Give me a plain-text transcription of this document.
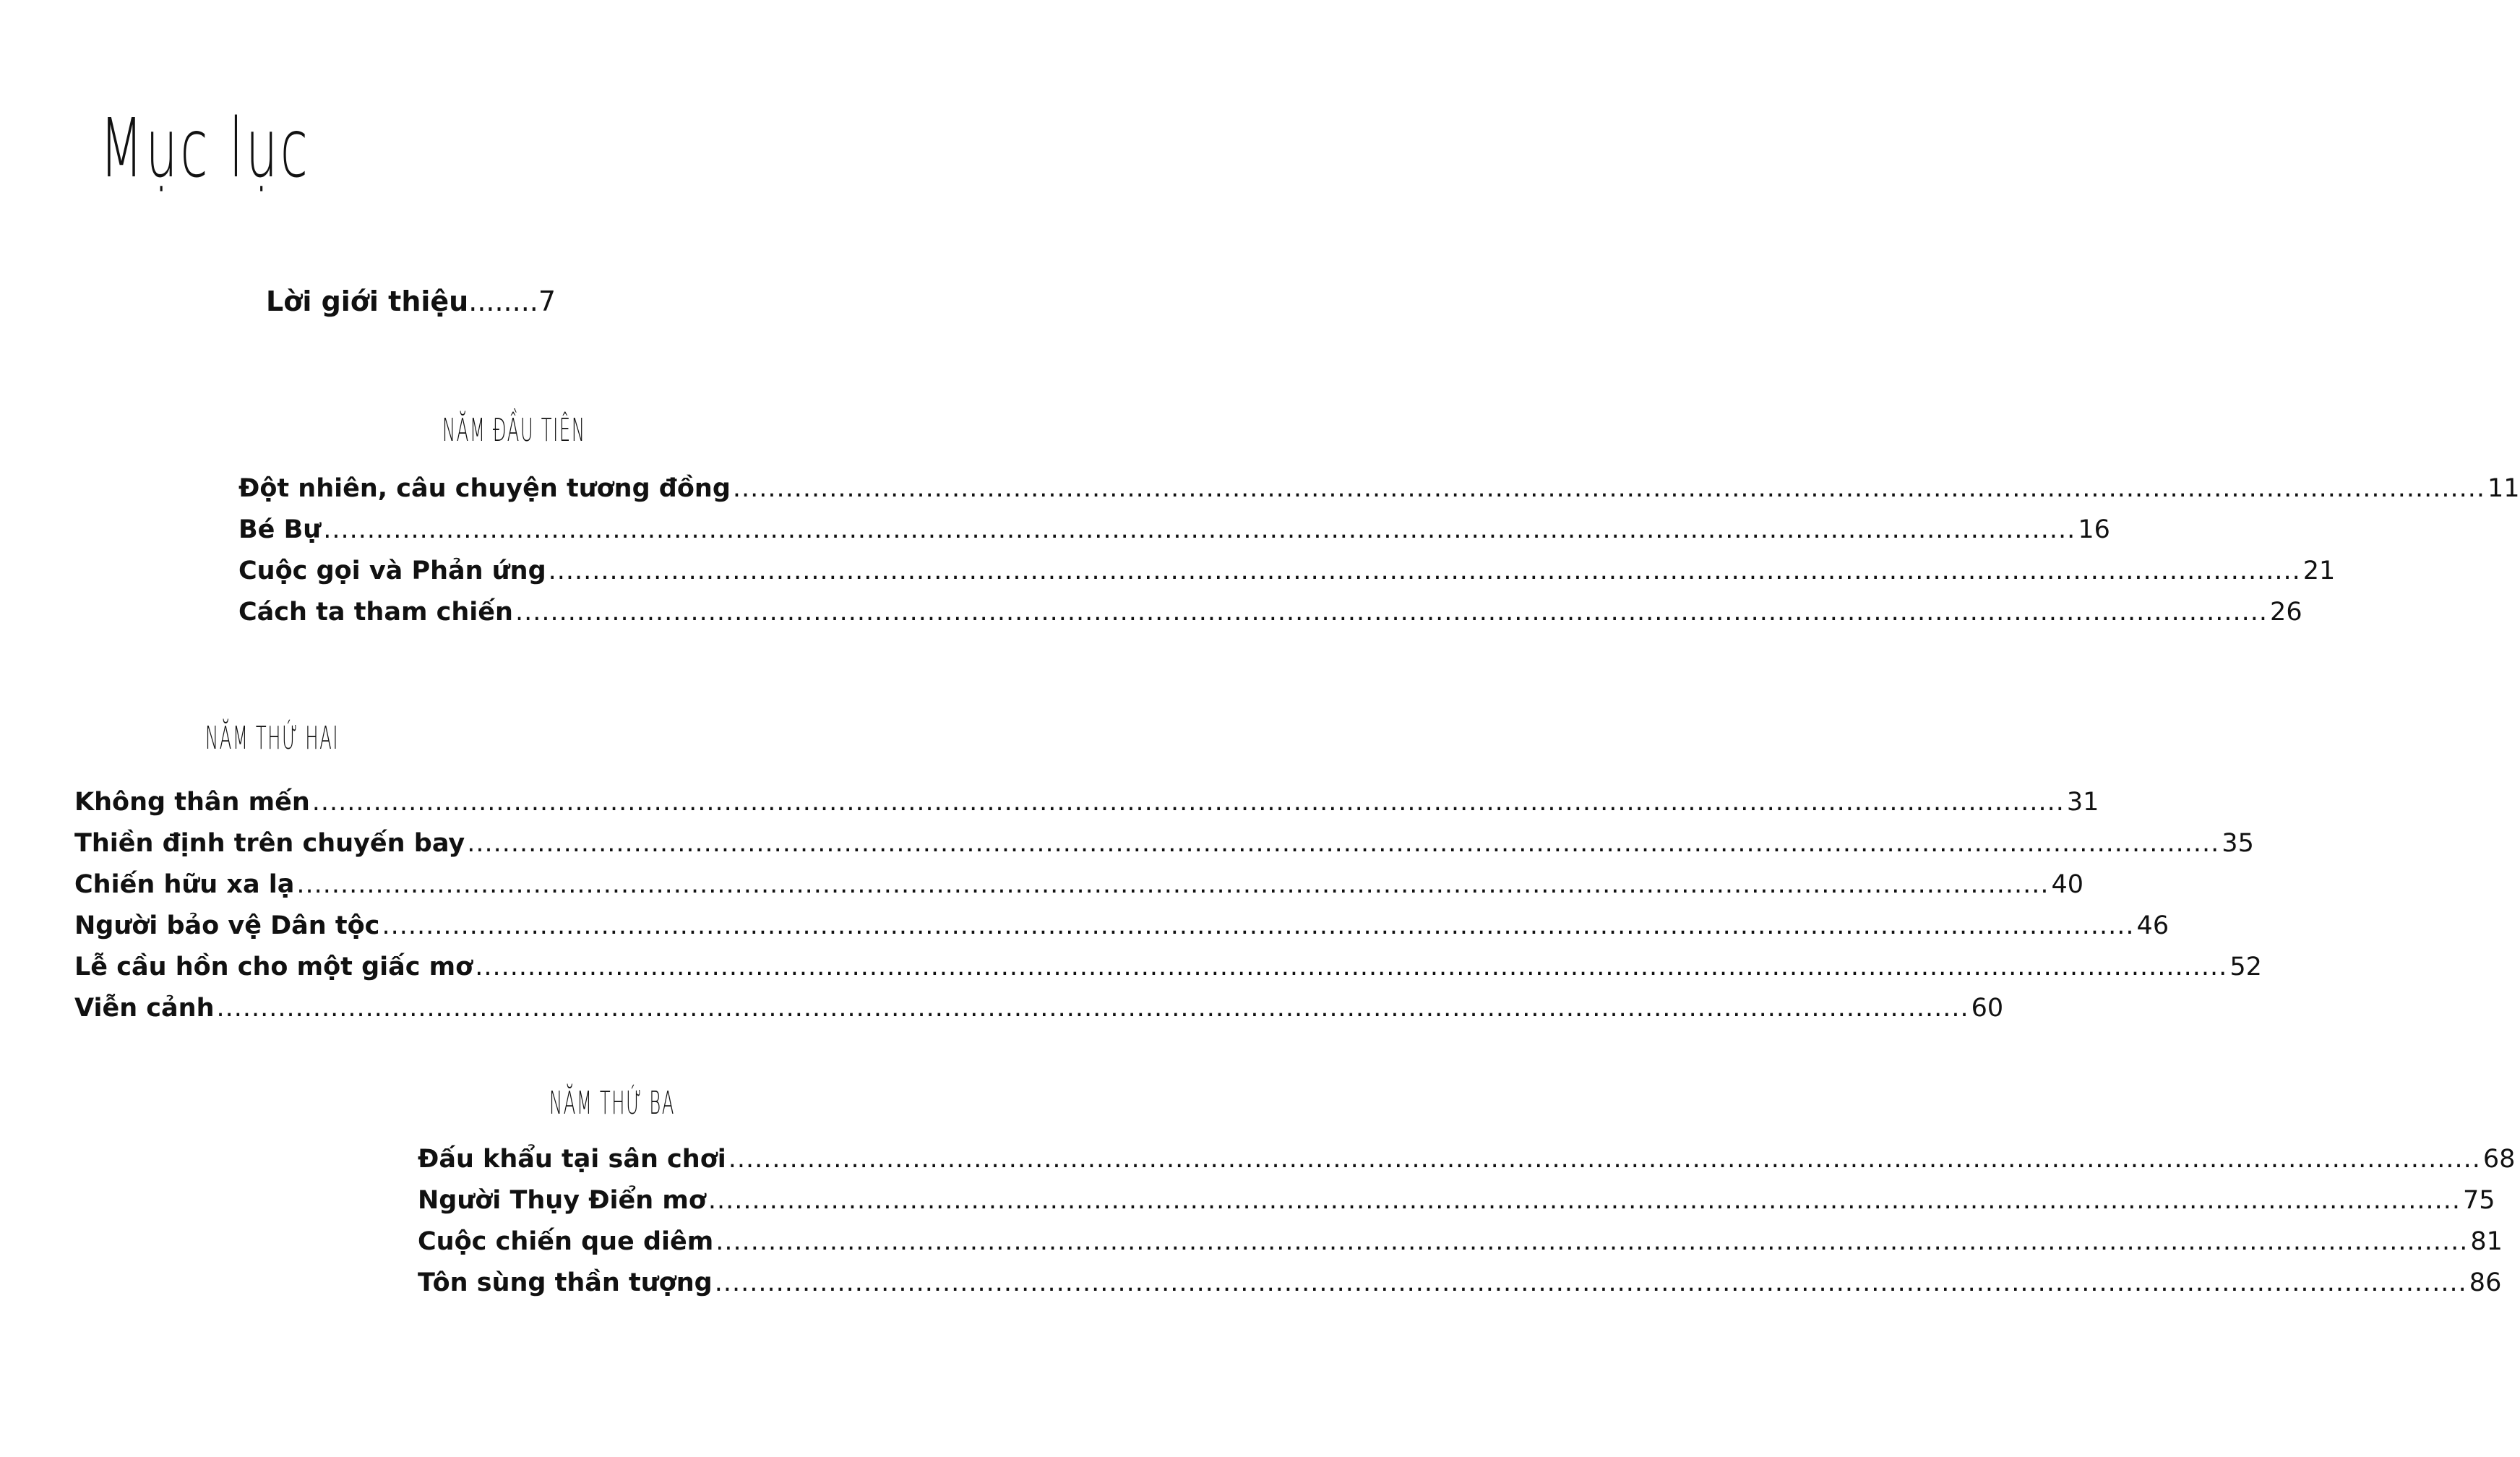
Mục lục
Lời giới thiệu........7
NĂM ĐẦU TIÊN
Đột nhiên, câu chuyện tương đồng ........................................................................................................................................................................................................ 11
Bé Bự ........................................................................................................................................................................................................ 16
Cuộc gọi và Phản ứng ........................................................................................................................................................................................................ 21
Cách ta tham chiến ........................................................................................................................................................................................................ 26
NĂM THỨ HAI
Không thân mến ........................................................................................................................................................................................................ 31
Thiền định trên chuyến bay ........................................................................................................................................................................................................ 35
Chiến hữu xa lạ ........................................................................................................................................................................................................ 40
Người bảo vệ Dân tộc ........................................................................................................................................................................................................ 46
Lễ cầu hồn cho một giấc mơ ........................................................................................................................................................................................................ 52
Viễn cảnh ........................................................................................................................................................................................................ 60
NĂM THỨ BA
Đấu khẩu tại sân chơi ........................................................................................................................................................................................................ 68
Người Thụy Điển mơ ........................................................................................................................................................................................................ 75
Cuộc chiến que diêm ........................................................................................................................................................................................................ 81
Tôn sùng thần tượng ........................................................................................................................................................................................................ 86
